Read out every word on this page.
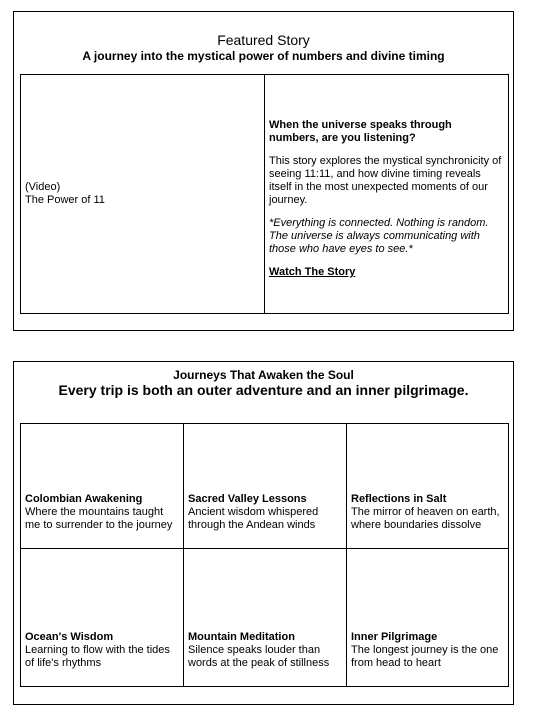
Featured Story
A journey into the mystical power of numbers and divine timing
(Video)
The Power of 11
When the universe speaks through numbers, are you listening?
This story explores the mystical synchronicity of seeing 11:11, and how divine timing reveals itself in the most unexpected moments of our journey.
*Everything is connected. Nothing is random. The universe is always communicating with those who have eyes to see.*
Watch The Story
Journeys That Awaken the Soul
Every trip is both an outer adventure and an inner pilgrimage.
Colombian Awakening
Where the mountains taught me to surrender to the journey
Sacred Valley Lessons
Ancient wisdom whispered through the Andean winds
Reflections in Salt
The mirror of heaven on earth, where boundaries dissolve
Ocean's Wisdom
Learning to flow with the tides of life's rhythms
Mountain Meditation
Silence speaks louder than words at the peak of stillness
Inner Pilgrimage
The longest journey is the one from head to heart
